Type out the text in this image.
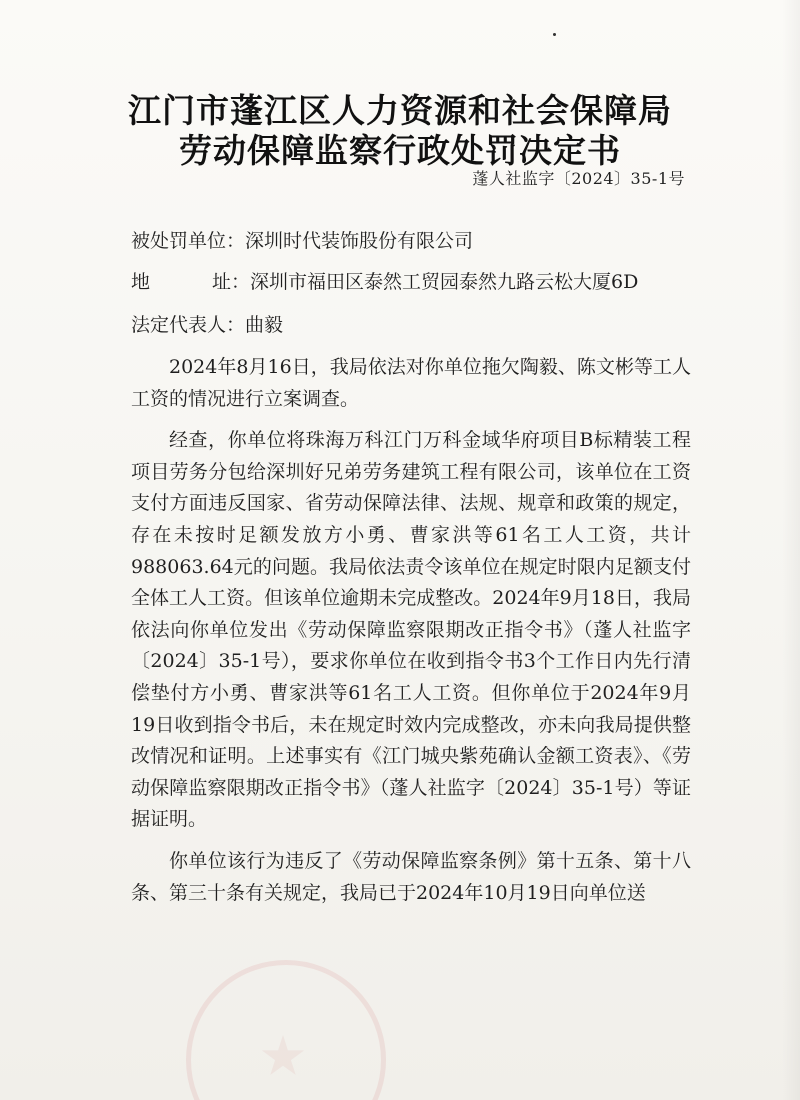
江门市蓬江区人力资源和社会保障局
劳动保障监察行政处罚决定书
蓬人社监字〔2024〕35-1号
被处罚单位：深圳时代装饰股份有限公司
地	址：深圳市福田区泰然工贸园泰然九路云松大厦6D
法定代表人：曲毅

2024年8月16日，我局依法对你单位拖欠陶毅、陈文彬等工人工资的情况进行立案调查。

经查，你单位将珠海万科江门万科金域华府项目B标精装工程项目劳务分包给深圳好兄弟劳务建筑工程有限公司，该单位在工资支付方面违反国家、省劳动保障法律、法规、规章和政策的规定，存在未按时足额发放方小勇、曹家洪等61名工人工资，共计988063.64元的问题。我局依法责令该单位在规定时限内足额支付全体工人工资。但该单位逾期未完成整改。2024年9月18日，我局依法向你单位发出《劳动保障监察限期改正指令书》（蓬人社监字〔2024〕35-1号），要求你单位在收到指令书3个工作日内先行清偿垫付方小勇、曹家洪等61名工人工资。但你单位于2024年9月19日收到指令书后，未在规定时效内完成整改，亦未向我局提供整改情况和证明。上述事实有《江门城央紫苑确认金额工资表》、《劳动保障监察限期改正指令书》（蓬人社监字〔2024〕35-1号）等证据证明。

你单位该行为违反了《劳动保障监察条例》第十五条、第十八条、第三十条有关规定，我局已于2024年10月19日向单位送
